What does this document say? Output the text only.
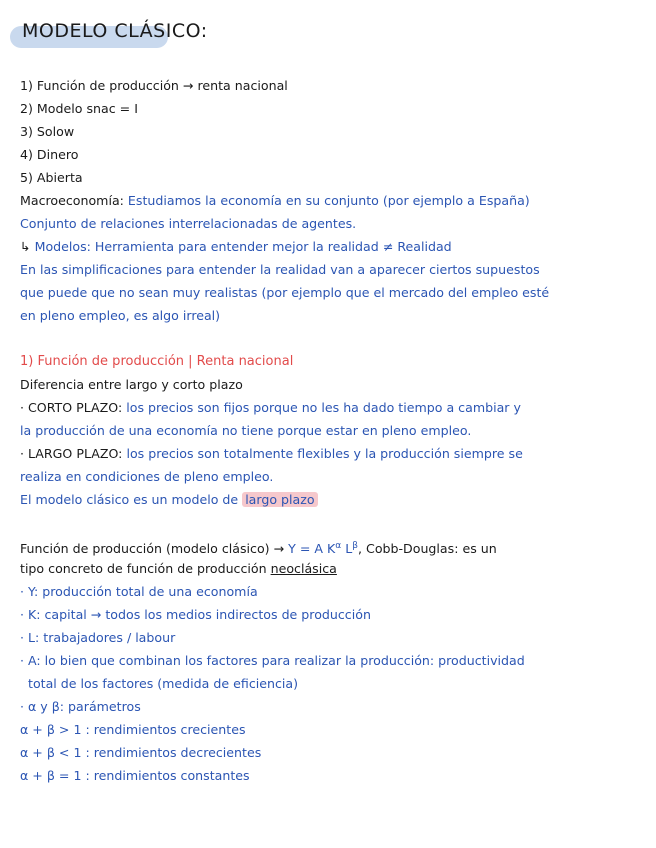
MODELO CLÁSICO:
1) Función de producción → renta nacional
2) Modelo snac = I
3) Solow
4) Dinero
5) Abierta
Macroeconomía: Estudiamos la economía en su conjunto (por ejemplo a España)
Conjunto de relaciones interrelacionadas de agentes.
↳ Modelos: Herramienta para entender mejor la realidad ≠ Realidad
En las simplificaciones para entender la realidad van a aparecer ciertos supuestos
que puede que no sean muy realistas (por ejemplo que el mercado del empleo esté
en pleno empleo, es algo irreal)
1) Función de producción | Renta nacional
Diferencia entre largo y corto plazo
· CORTO PLAZO: los precios son fijos porque no les ha dado tiempo a cambiar y
la producción de una economía no tiene porque estar en pleno empleo.
· LARGO PLAZO: los precios son totalmente flexibles y la producción siempre se
realiza en condiciones de pleno empleo.
El modelo clásico es un modelo de largo plazo
Función de producción (modelo clásico) → Y = A $K^\alpha$ $L^\beta$, Cobb-Douglas: es un
tipo concreto de función de producción neoclásica
· Y: producción total de una economía
· K: capital → todos los medios indirectos de producción
· L: trabajadores / labour
· A: lo bien que combinan los factores para realizar la producción: productividad
total de los factores (medida de eficiencia)
· α y β: parámetros
α + β > 1 : rendimientos crecientes
α + β < 1 : rendimientos decrecientes
α + β = 1 : rendimientos constantes
